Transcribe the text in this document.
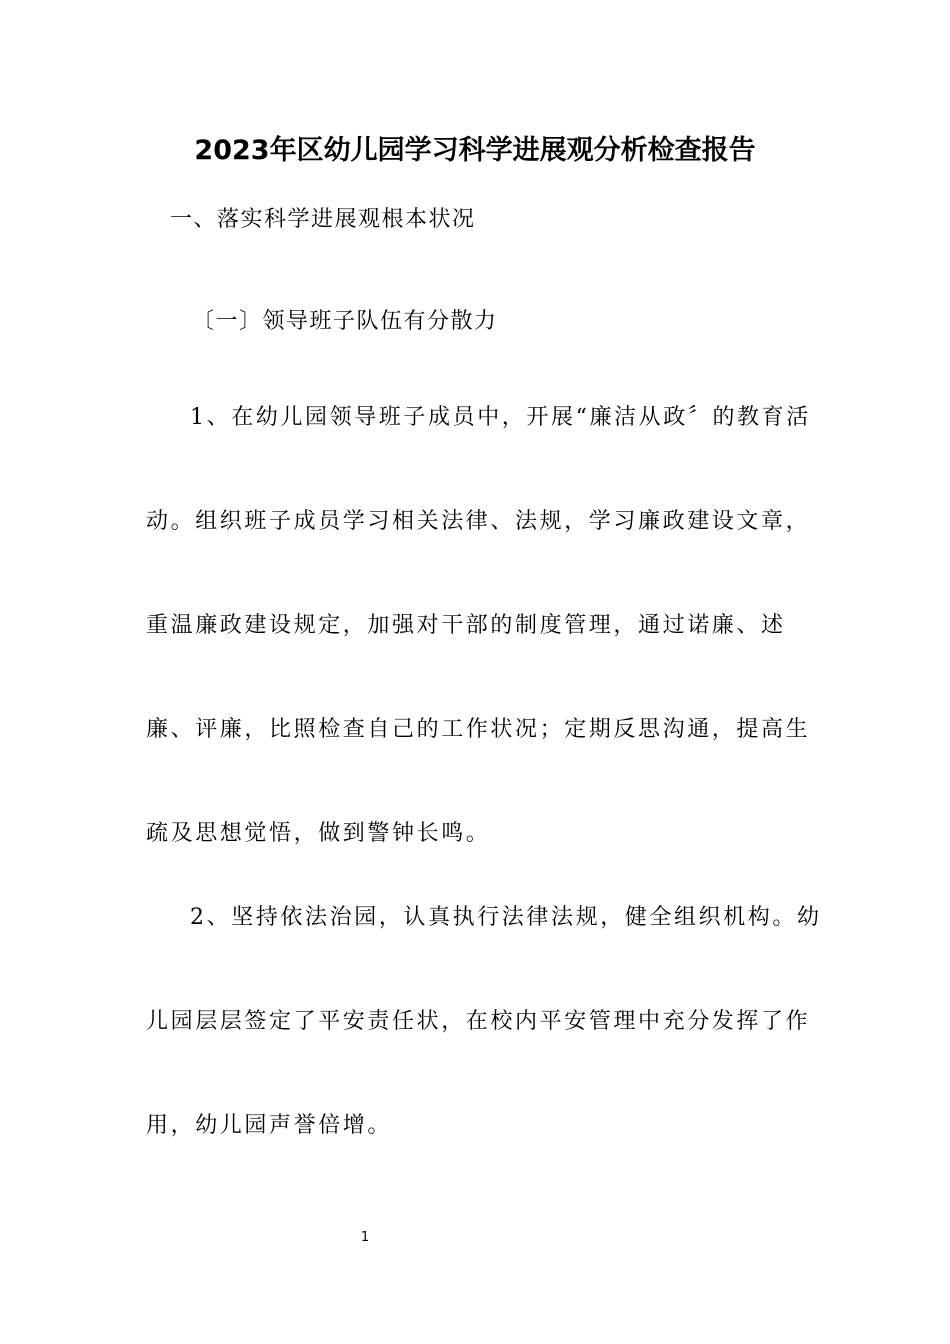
2023年区幼儿园学习科学进展观分析检查报告
一、落实科学进展观根本状况
〔一〕领导班子队伍有分散力
1、在幼儿园领导班子成员中，开展“廉洁从政〞的教育活
动。组织班子成员学习相关法律、法规，学习廉政建设文章，
重温廉政建设规定，加强对干部的制度管理，通过诺廉、述
廉、评廉，比照检查自己的工作状况；定期反思沟通，提高生
疏及思想觉悟，做到警钟长鸣。
2、坚持依法治园，认真执行法律法规，健全组织机构。幼
儿园层层签定了平安责任状，在校内平安管理中充分发挥了作
用，幼儿园声誉倍增。
1
